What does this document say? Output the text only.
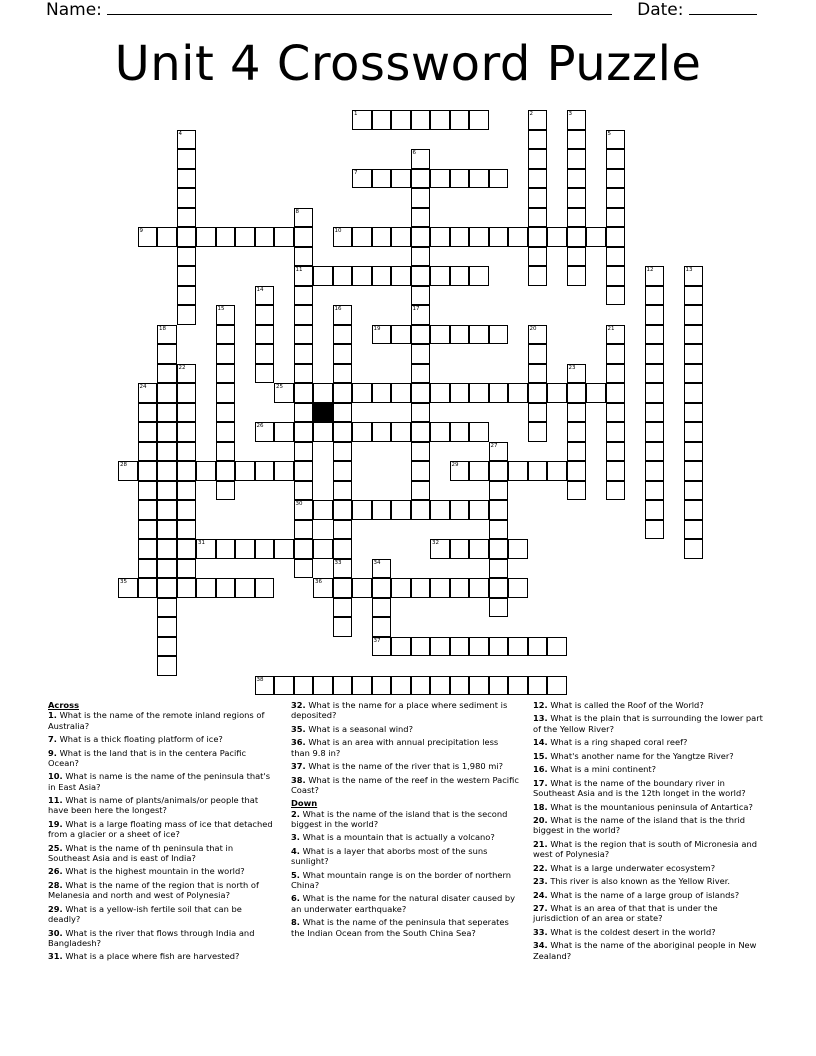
Name:	Date:
Unit 4 Crossword Puzzle
1	2	3
4	5
6
17
7
8
11
30
9	10
12	13
14
15	16
33
18	19	20	21
22	23
24	25
26
27
28	29
31	32
34
35	36
37
38
Across
1. What is the name of the remote inland regions of Australia?
7. What is a thick floating platform of ice?
9. What is the land that is in the centera Pacific Ocean?
10. What is name is the name of the peninsula that's in East Asia?
11. What is name of plants/animals/or people that have been here the longest?
19. What is a large floating mass of ice that detached from a glacier or a sheet of ice?
25. What is the name of th peninsula that in Southeast Asia and is east of India?
26. What is the highest mountain in the world?
28. What is the name of the region that is north of Melanesia and north and west of Polynesia?
29. What is a yellow-ish fertile soil that can be deadly?
30. What is the river that flows through India and Bangladesh?
31. What is a place where fish are harvested?
32. What is the name for a place where sediment is deposited?
35. What is a seasonal wind?
36. What is an area with annual precipitation less than 9.8 in?
37. What is the name of the river that is 1,980 mi?
38. What is the name of the reef in the western Pacific Coast?
Down
2. What is the name of the island that is the second biggest in the world?
3. What is a mountain that is actually a volcano?
4. What is a layer that aborbs most of the suns sunlight?
5. What mountain range is on the border of northern China?
6. What is the name for the natural disater caused by an underwater earthquake?
8. What is the name of the peninsula that seperates the Indian Ocean from the South China Sea?
12. What is called the Roof of the World?
13. What is the plain that is surrounding the lower part of the Yellow River?
14. What is a ring shaped coral reef?
15. What's another name for the Yangtze River?
16. What is a mini continent?
17. What is the name of the boundary river in Southeast Asia and is the 12th longet in the world?
18. What is the mountanious peninsula of Antartica?
20. What is the name of the island that is the thrid biggest in the world?
21. What is the region that is south of Micronesia and west of Polynesia?
22. What is a large underwater ecosystem?
23. This river is also known as the Yellow River.
24. What is the name of a large group of islands?
27. What is an area of that that is under the jurisdiction of an area or state?
33. What is the coldest desert in the world?
34. What is the name of the aboriginal people in New Zealand?
